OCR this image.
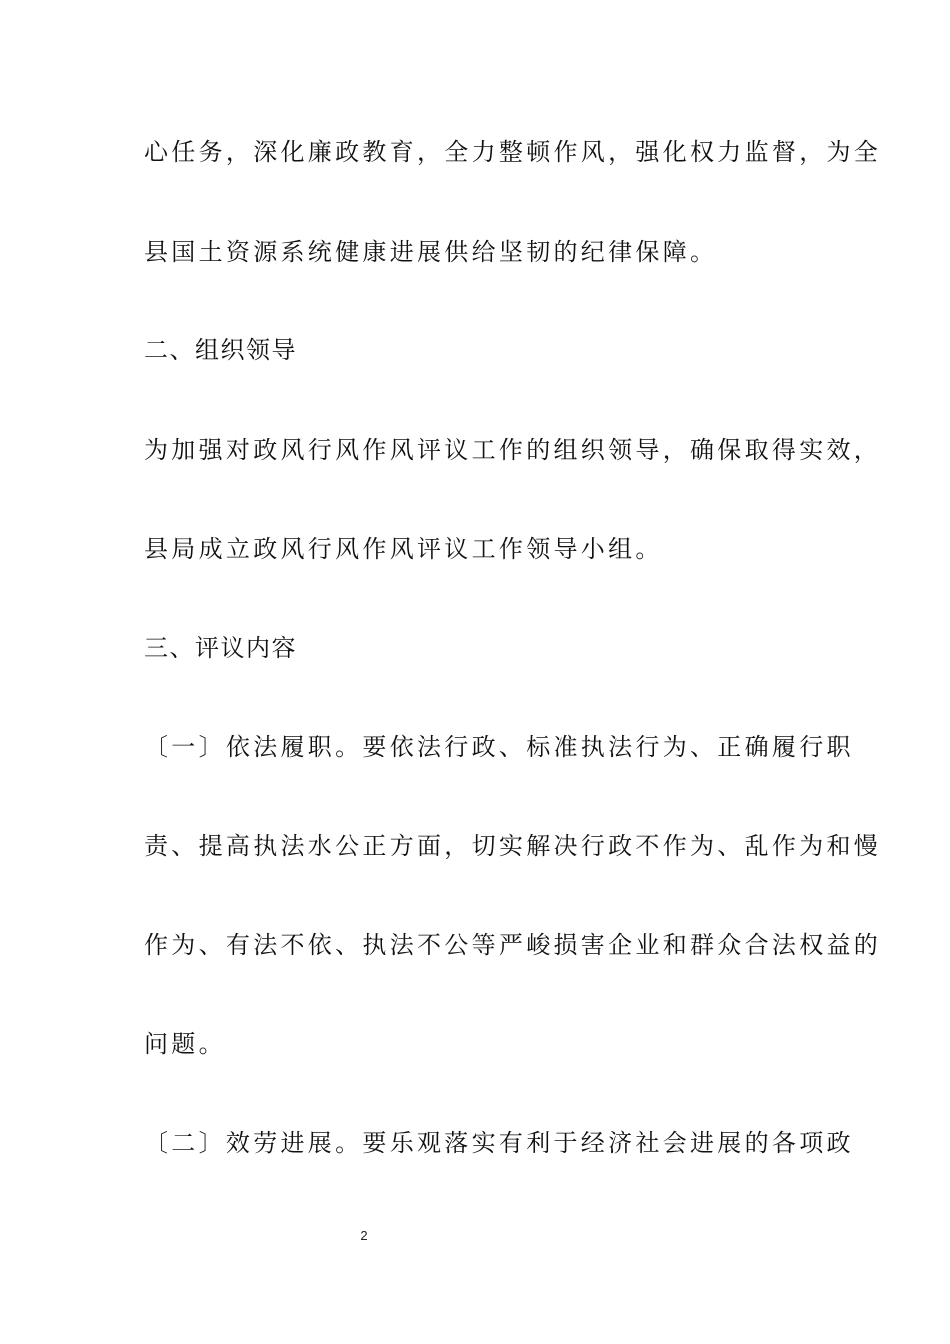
心任务，深化廉政教育，全力整顿作风，强化权力监督，为全
县国土资源系统健康进展供给坚韧的纪律保障。
二、组织领导
为加强对政风行风作风评议工作的组织领导，确保取得实效，
县局成立政风行风作风评议工作领导小组。
三、评议内容
〔一〕依法履职。要依法行政、标准执法行为、正确履行职
责、提高执法水公正方面，切实解决行政不作为、乱作为和慢
作为、有法不依、执法不公等严峻损害企业和群众合法权益的
问题。
〔二〕效劳进展。要乐观落实有利于经济社会进展的各项政
2
